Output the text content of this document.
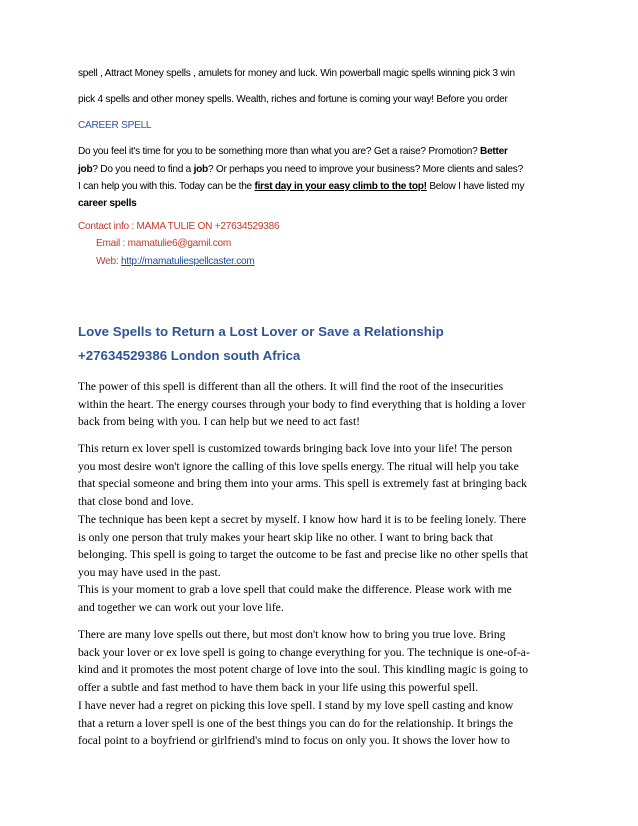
spell , Attract Money spells , amulets for money and luck. Win powerball magic spells winning pick 3 win
pick 4 spells and other money spells. Wealth, riches and fortune is coming your way! Before you order
CAREER SPELL
Do you feel it's time for you to be something more than what you are? Get a raise? Promotion? Better
job? Do you need to find a job? Or perhaps you need to improve your business? More clients and sales?
I can help you with this. Today can be the first day in your easy climb to the top! Below I have listed my
career spells
Contact info : MAMA TULIE ON +27634529386
Email : mamatulie6@gamil.com
Web: http://mamatuliespellcaster.com
Love Spells to Return a Lost Lover or Save a Relationship
+27634529386 London south Africa
The power of this spell is different than all the others. It will find the root of the insecurities
within the heart. The energy courses through your body to find everything that is holding a lover
back from being with you. I can help but we need to act fast!
This return ex lover spell is customized towards bringing back love into your life! The person
you most desire won't ignore the calling of this love spells energy. The ritual will help you take
that special someone and bring them into your arms. This spell is extremely fast at bringing back
that close bond and love.
The technique has been kept a secret by myself. I know how hard it is to be feeling lonely. There
is only one person that truly makes your heart skip like no other. I want to bring back that
belonging. This spell is going to target the outcome to be fast and precise like no other spells that
you may have used in the past.
This is your moment to grab a love spell that could make the difference. Please work with me
and together we can work out your love life.
There are many love spells out there, but most don't know how to bring you true love. Bring
back your lover or ex love spell is going to change everything for you. The technique is one-of-a-
kind and it promotes the most potent charge of love into the soul. This kindling magic is going to
offer a subtle and fast method to have them back in your life using this powerful spell.
I have never had a regret on picking this love spell. I stand by my love spell casting and know
that a return a lover spell is one of the best things you can do for the relationship. It brings the
focal point to a boyfriend or girlfriend's mind to focus on only you. It shows the lover how to
